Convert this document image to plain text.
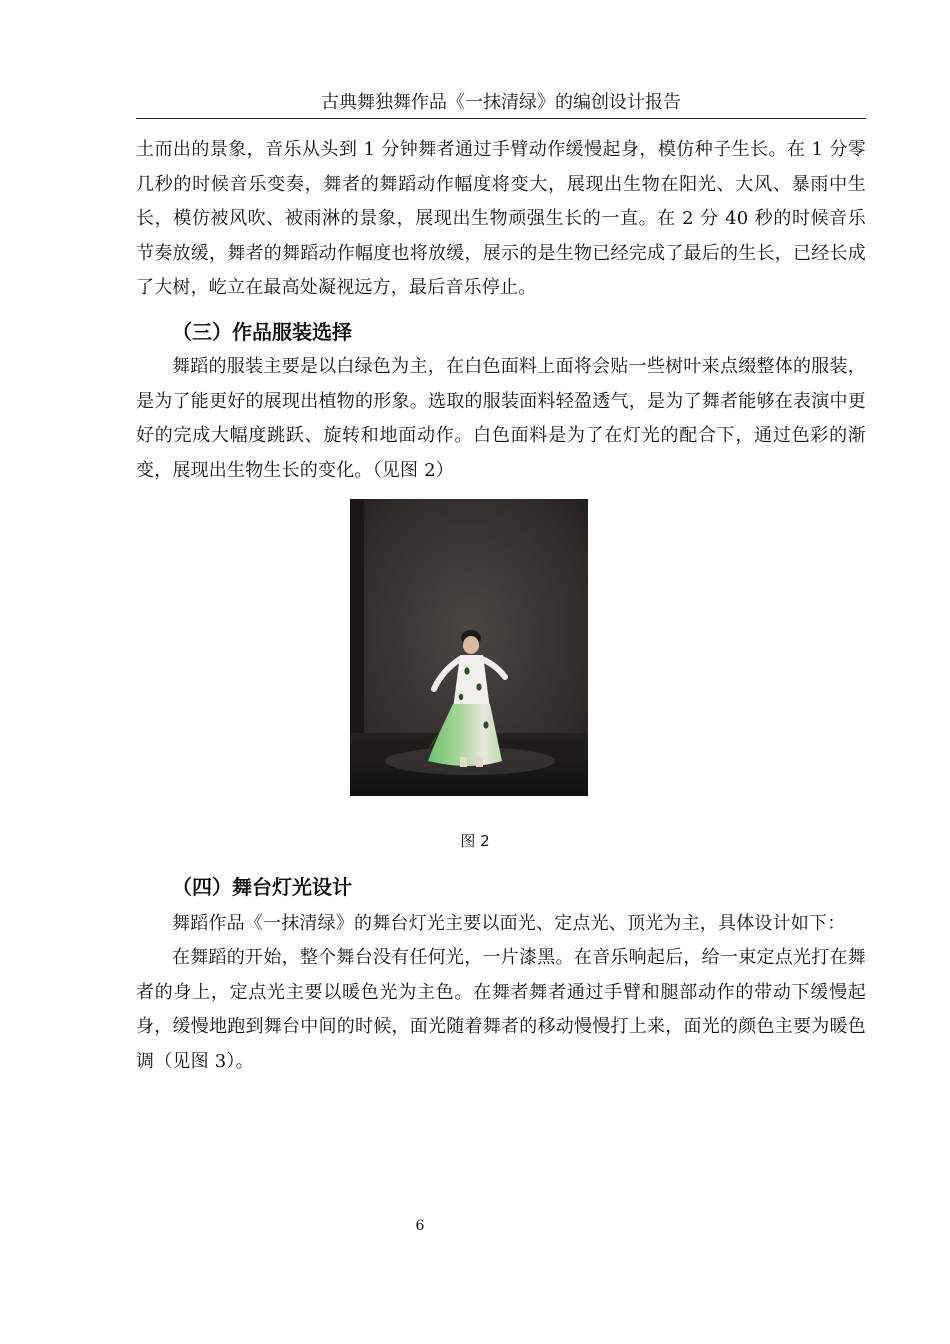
古典舞独舞作品《一抹清绿》的编创设计报告

土而出的景象，音乐从头到 1 分钟舞者通过手臂动作缓慢起身，模仿种子生长。在 1 分零几秒的时候音乐变奏，舞者的舞蹈动作幅度将变大，展现出生物在阳光、大风、暴雨中生长，模仿被风吹、被雨淋的景象，展现出生物顽强生长的一直。在 2 分 40 秒的时候音乐节奏放缓，舞者的舞蹈动作幅度也将放缓，展示的是生物已经完成了最后的生长，已经长成了大树，屹立在最高处凝视远方，最后音乐停止。

（三）作品服装选择

舞蹈的服装主要是以白绿色为主，在白色面料上面将会贴一些树叶来点缀整体的服装，是为了能更好的展现出植物的形象。选取的服装面料轻盈透气，是为了舞者能够在表演中更好的完成大幅度跳跃、旋转和地面动作。白色面料是为了在灯光的配合下，通过色彩的渐变，展现出生物生长的变化。（见图 2）

图 2
（四）舞台灯光设计

舞蹈作品《一抹清绿》的舞台灯光主要以面光、定点光、顶光为主，具体设计如下：

在舞蹈的开始，整个舞台没有任何光，一片漆黑。在音乐响起后，给一束定点光打在舞者的身上，定点光主要以暖色光为主色。在舞者舞者通过手臂和腿部动作的带动下缓慢起身，缓慢地跑到舞台中间的时候，面光随着舞者的移动慢慢打上来，面光的颜色主要为暖色调（见图 3）。

6
